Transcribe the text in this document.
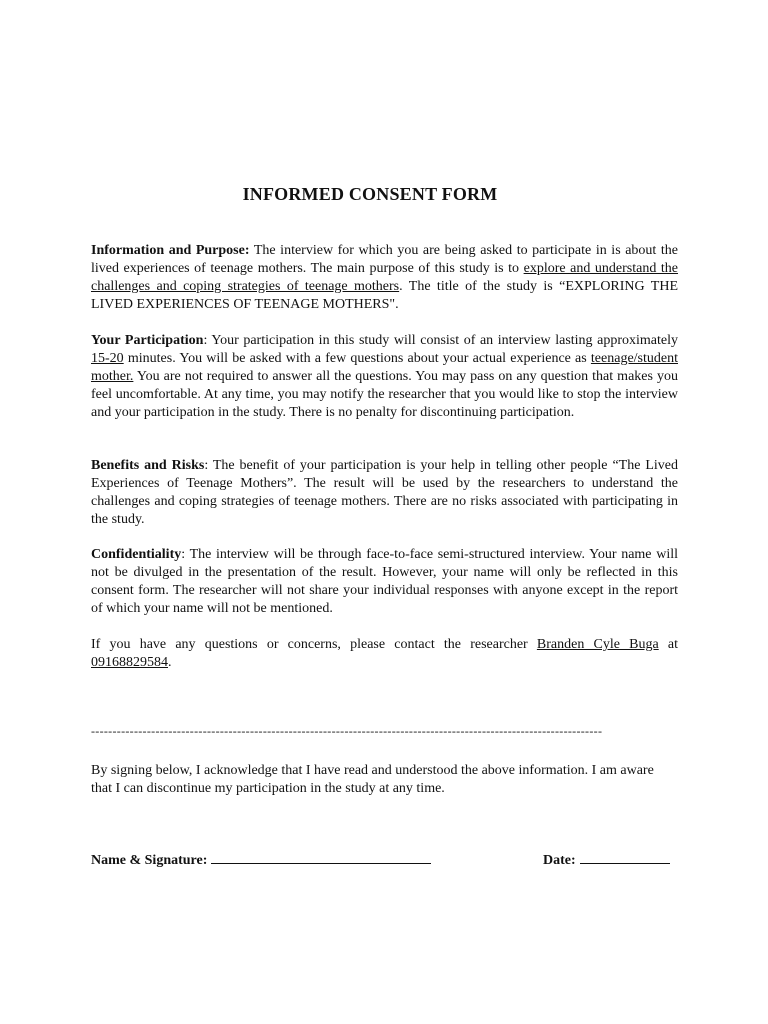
INFORMED CONSENT FORM
Information and Purpose: The interview for which you are being asked to participate in is about the lived experiences of teenage mothers. The main purpose of this study is to explore and understand the challenges and coping strategies of teenage mothers. The title of the study is “EXPLORING THE LIVED EXPERIENCES OF TEENAGE MOTHERS".
Your Participation: Your participation in this study will consist of an interview lasting approximately 15-20 minutes. You will be asked with a few questions about your actual experience as teenage/student mother. You are not required to answer all the questions. You may pass on any question that makes you feel uncomfortable. At any time, you may notify the researcher that you would like to stop the interview and your participation in the study. There is no penalty for discontinuing participation.
Benefits and Risks: The benefit of your participation is your help in telling other people “The Lived Experiences of Teenage Mothers”. The result will be used by the researchers to understand the challenges and coping strategies of teenage mothers. There are no risks associated with participating in the study.
Confidentiality: The interview will be through face-to-face semi-structured interview. Your name will not be divulged in the presentation of the result. However, your name will only be reflected in this consent form. The researcher will not share your individual responses with anyone except in the report of which your name will not be mentioned.
If you have any questions or concerns, please contact the researcher Branden Cyle Buga at 09168829584.
-----------------------------------------------------------------------------------------------------------------------
By signing below, I acknowledge that I have read and understood the above information. I am aware that I can discontinue my participation in the study at any time.
Name & Signature:	Date:
